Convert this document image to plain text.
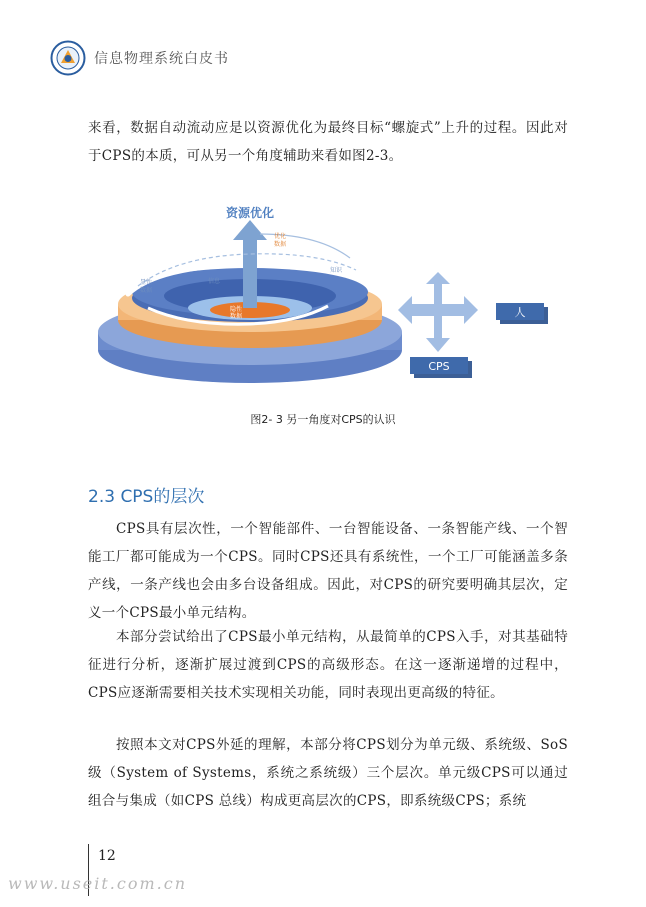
信息物理系统白皮书
来看，数据自动流动应是以资源优化为最终目标“螺旋式”上升的过程。因此对于CPS的本质，可从另一个角度辅助来看如图2-3。
资源优化
优化
数据
知识
信息
显性
数据
隐性
数据	人
CPS
图2- 3 另一角度对CPS的认识
2.3 CPS的层次
CPS具有层次性，一个智能部件、一台智能设备、一条智能产线、一个智能工厂都可能成为一个CPS。同时CPS还具有系统性，一个工厂可能涵盖多条产线，一条产线也会由多台设备组成。因此，对CPS的研究要明确其层次，定义一个CPS最小单元结构。
本部分尝试给出了CPS最小单元结构，从最简单的CPS入手，对其基础特征进行分析，逐渐扩展过渡到CPS的高级形态。在这一逐渐递增的过程中，CPS应逐渐需要相关技术实现相关功能，同时表现出更高级的特征。
按照本文对CPS外延的理解，本部分将CPS划分为单元级、系统级、SoS级（System of Systems，系统之系统级）三个层次。单元级CPS可以通过组合与集成（如CPS 总线）构成更高层次的CPS，即系统级CPS；系统
12
www.useit.com.cn
